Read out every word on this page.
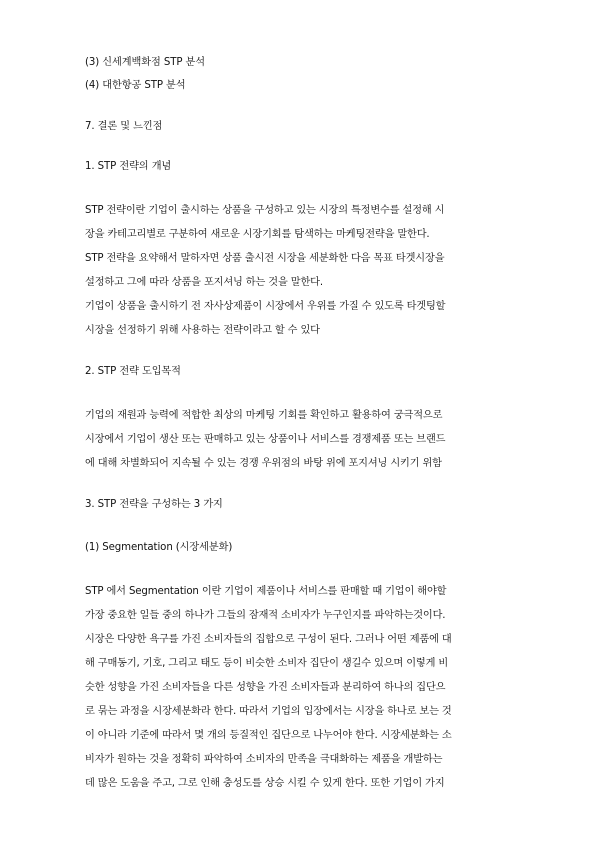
(3) 신세계백화점 STP 분석
(4) 대한항공 STP 분석
7. 결론 및 느낀점
1. STP 전략의 개념
STP 전략이란 기업이 출시하는 상품을 구성하고 있는 시장의 특정변수를 설정해 시
장을 카테고리별로 구분하여 새로운 시장기회를 탐색하는 마케팅전략을 말한다.
STP 전략을 요약해서 말하자면 상품 출시전 시장을 세분화한 다음 목표 타겟시장을
설정하고 그에 따라 상품을 포지셔닝 하는 것을 말한다.
기업이 상품을 출시하기 전 자사상제품이 시장에서 우위를 가질 수 있도록 타겟팅할
시장을 선정하기 위해 사용하는 전략이라고 할 수 있다
2. STP 전략 도입목적
기업의 재원과 능력에 적합한 최상의 마케팅 기회를 확인하고 활용하여 궁극적으로
시장에서 기업이 생산 또는 판매하고 있는 상품이나 서비스를 경쟁제품 또는 브랜드
에 대해 차별화되어 지속될 수 있는 경쟁 우위점의 바탕 위에 포지셔닝 시키기 위함
3. STP 전략을 구성하는 3 가지
(1) Segmentation (시장세분화)
STP 에서 Segmentation 이란 기업이 제품이나 서비스를 판매할 때 기업이 해야할
가장 중요한 일들 중의 하나가 그들의 잠재적 소비자가 누구인지를 파악하는것이다.
시장은 다양한 욕구를 가진 소비자들의 집합으로 구성이 된다. 그러나 어떤 제품에 대
해 구매동기, 기호, 그리고 태도 등이 비슷한 소비자 집단이 생길수 있으며 이렇게 비
슷한 성향을 가진 소비자들을 다른 성향을 가진 소비자들과 분리하여 하나의 집단으
로 묶는 과정을 시장세분화라 한다. 따라서 기업의 입장에서는 시장을 하나로 보는 것
이 아니라 기준에 따라서 몇 개의 등질적인 집단으로 나누어야 한다. 시장세분화는 소
비자가 원하는 것을 정확히 파악하여 소비자의 만족을 극대화하는 제품을 개발하는
데 많은 도움을 주고, 그로 인해 충성도를 상승 시킬 수 있게 한다. 또한 기업이 가지
